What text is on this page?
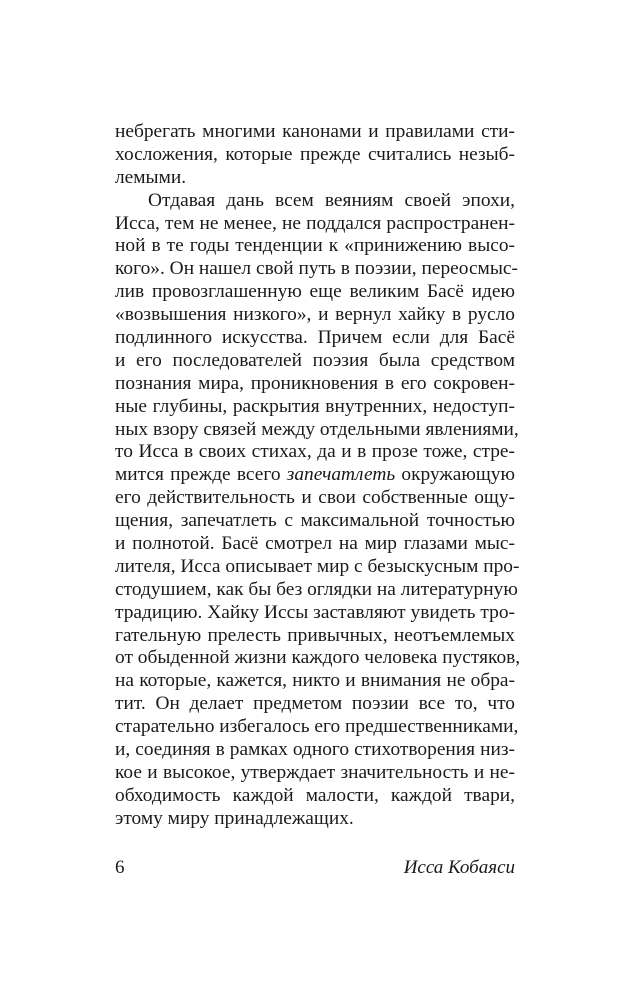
небрегать многими канонами и правилами сти-
хосложения, которые прежде считались незыб-
лемыми.
Отдавая дань всем веяниям своей эпохи,
Исса, тем не менее, не поддался распространен-
ной в те годы тенденции к «принижению высо-
кого». Он нашел свой путь в поэзии, переосмыс-
лив провозглашенную еще великим Басё идею
«возвышения низкого», и вернул хайку в русло
подлинного искусства. Причем если для Басё
и его последователей поэзия была средством
познания мира, проникновения в его сокровен-
ные глубины, раскрытия внутренних, недоступ-
ных взору связей между отдельными явлениями,
то Исса в своих стихах, да и в прозе тоже, стре-
мится прежде всего запечатлеть окружающую
его действительность и свои собственные ощу-
щения, запечатлеть с максимальной точностью
и полнотой. Басё смотрел на мир глазами мыс-
лителя, Исса описывает мир с безыскусным про-
стодушием, как бы без оглядки на литературную
традицию. Хайку Иссы заставляют увидеть тро-
гательную прелесть привычных, неотъемлемых
от обыденной жизни каждого человека пустяков,
на которые, кажется, никто и внимания не обра-
тит. Он делает предметом поэзии все то, что
старательно избегалось его предшественниками,
и, соединяя в рамках одного стихотворения низ-
кое и высокое, утверждает значительность и не-
обходимость каждой малости, каждой твари,
этому миру принадлежащих.
6	Исса Кобаяси
